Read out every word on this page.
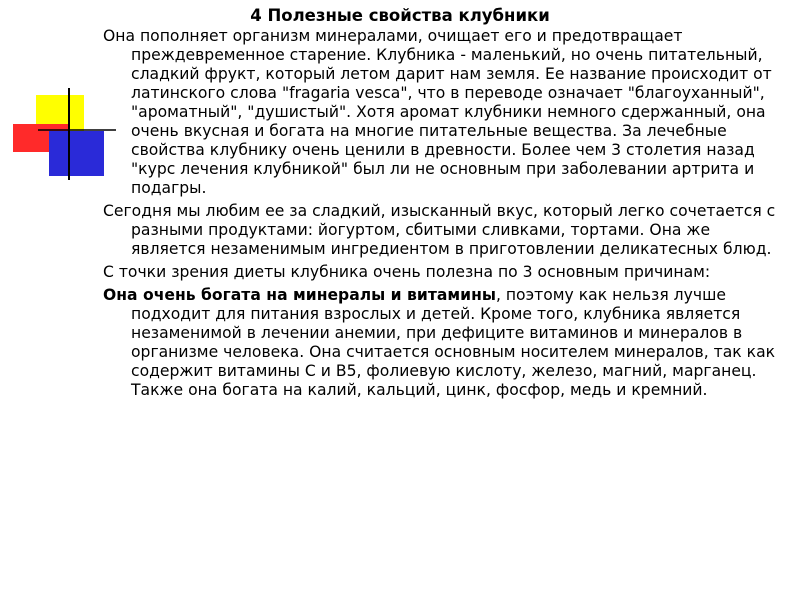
4 Полезные свойства клубники

Она пополняет организм минералами, очищает его и предотвращает преждевременное старение. Клубника - маленький, но очень питательный, сладкий фрукт, который летом дарит нам земля. Ее название происходит от латинского слова "fragaria vesca", что в переводе означает "благоуханный", "ароматный", "душистый". Хотя аромат клубники немного сдержанный, она очень вкусная и богата на многие питательные вещества. За лечебные свойства клубнику очень ценили в древности. Более чем 3 столетия назад "курс лечения клубникой" был ли не основным при заболевании артрита и подагры.

Сегодня мы любим ее за сладкий, изысканный вкус, который легко сочетается с разными продуктами: йогуртом, сбитыми сливками, тортами. Она же является незаменимым ингредиентом в приготовлении деликатесных блюд.

С точки зрения диеты клубника очень полезна по 3 основным причинам:

Она очень богата на минералы и витамины, поэтому как нельзя лучше подходит для питания взрослых и детей. Кроме того, клубника является незаменимой в лечении анемии, при дефиците витаминов и минералов в организме человека. Она считается основным носителем минералов, так как содержит витамины С и В5, фолиевую кислоту, железо, магний, марганец. Также она богата на калий, кальций, цинк, фосфор, медь и кремний.
